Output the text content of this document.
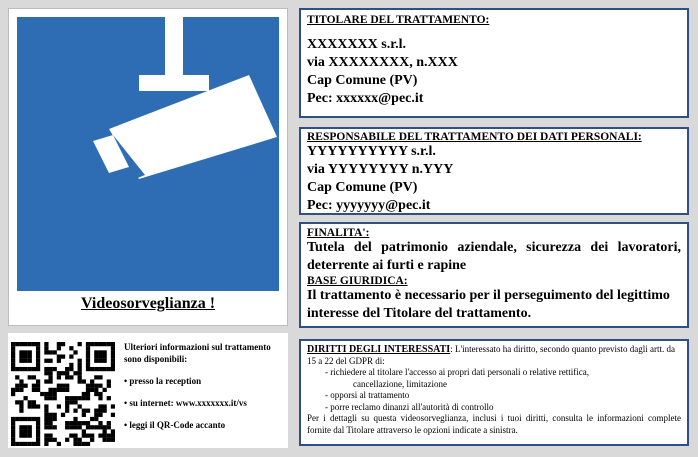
Videosorveglianza !

TITOLARE DEL TRATTAMENTO:

XXXXXXX s.r.l.

via XXXXXXXX, n.XXX

Cap Comune (PV)

Pec: xxxxxx@pec.it

RESPONSABILE DEL TRATTAMENTO DEI DATI PERSONALI:

YYYYYYYYYY s.r.l.

via YYYYYYYY n.YYY

Cap Comune (PV)

Pec: yyyyyyy@pec.it

FINALITA':

Tutela del patrimonio aziendale, sicurezza dei lavoratori, deterrente ai furti e rapine

BASE GIURIDICA:

Il trattamento è necessario per il perseguimento del legittimo interesse del Titolare del trattamento.

Ulteriori informazioni sul trattamento sono disponibili:
• presso la reception
• su internet: www.xxxxxxx.it/vs
• leggi il QR-Code accanto
DIRITTI DEGLI INTERESSATI: L'interessato ha diritto, secondo quanto previsto dagli artt. da 15 a 22 del GDPR di:
- richiedere al titolare l'accesso ai propri dati personali o relative rettifica,
cancellazione, limitazione
- opporsi al trattamento
- porre reclamo dinanzi all'autorità di controllo
Per i dettagli su questa videosorveglianza, inclusi i tuoi diritti, consulta le informazioni complete fornite dal Titolare attraverso le opzioni indicate a sinistra.
